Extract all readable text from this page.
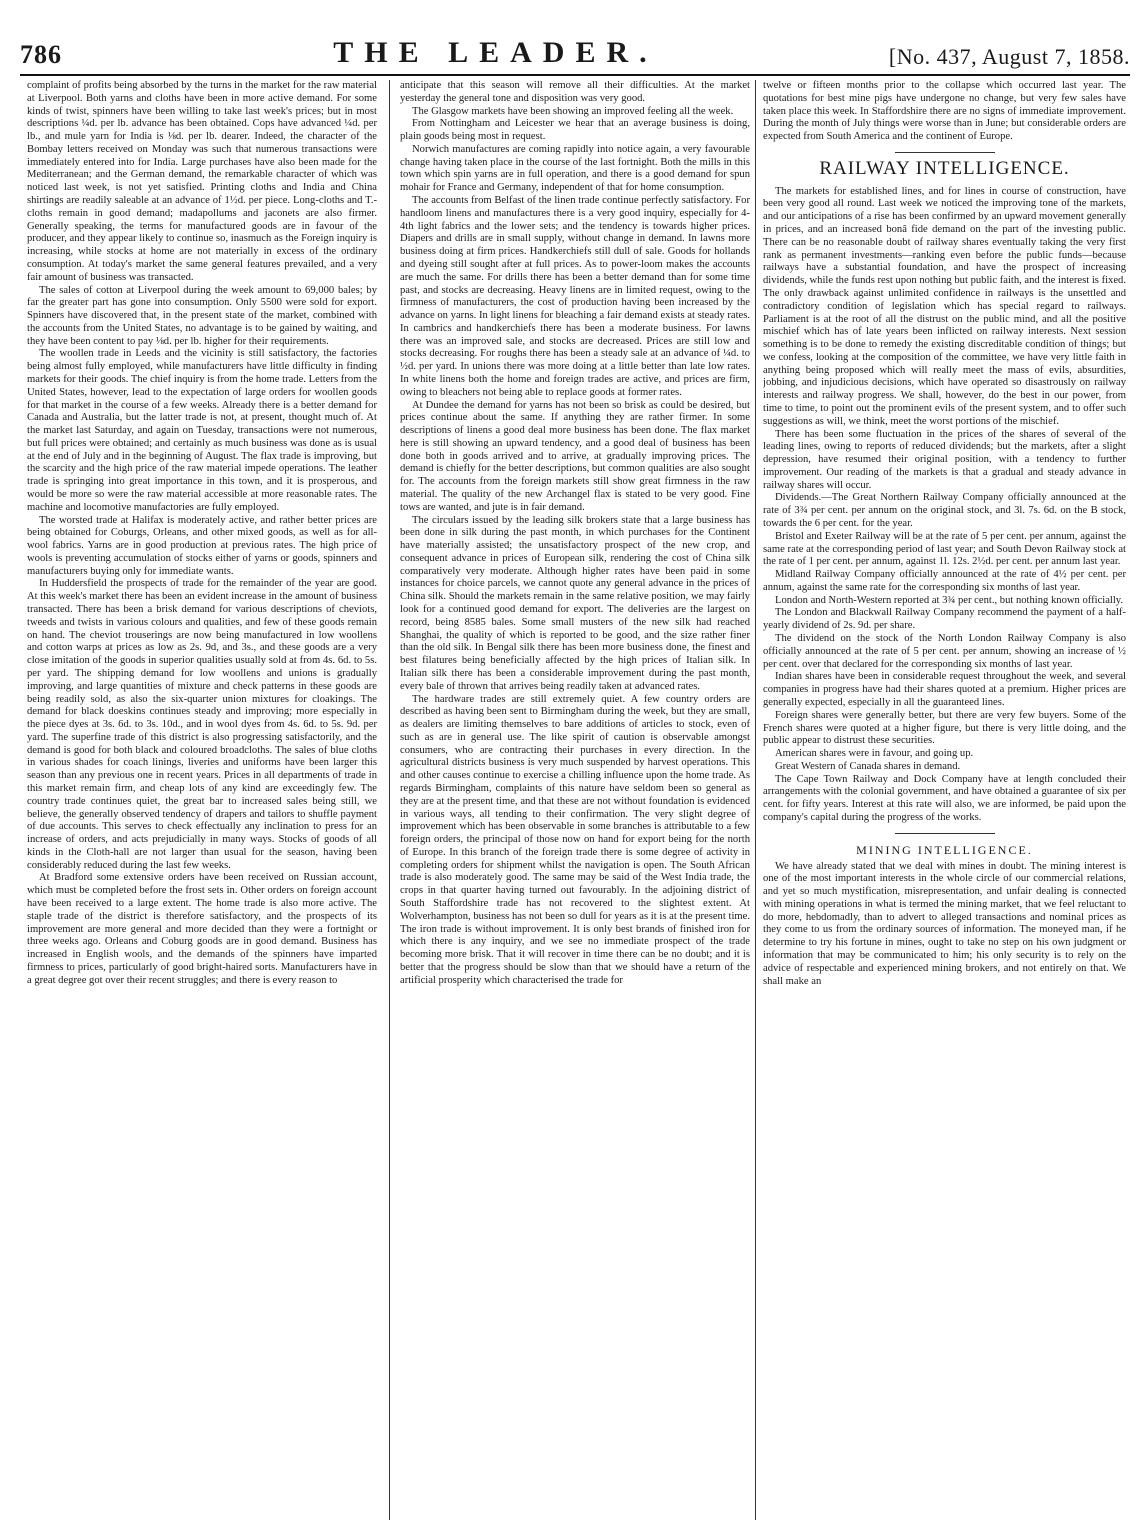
786	THE LEADER.	[No. 437, August 7, 1858.

complaint of profits being absorbed by the turns in the market for the raw material at Liverpool. Both yarns and cloths have been in more active demand. For some kinds of twist, spinners have been willing to take last week's prices; but in most descriptions ¼d. per lb. advance has been obtained. Cops have advanced ¼d. per lb., and mule yarn for India is ⅛d. per lb. dearer. Indeed, the character of the Bombay letters received on Monday was such that numerous transactions were immediately entered into for India. Large purchases have also been made for the Mediterranean; and the German demand, the remarkable character of which was noticed last week, is not yet satisfied. Printing cloths and India and China shirtings are readily saleable at an advance of 1½d. per piece. Long-cloths and T.-cloths remain in good demand; madapollums and jaconets are also firmer. Generally speaking, the terms for manufactured goods are in favour of the producer, and they appear likely to continue so, inasmuch as the Foreign inquiry is increasing, while stocks at home are not materially in excess of the ordinary consumption. At today's market the same general features prevailed, and a very fair amount of business was transacted.

The sales of cotton at Liverpool during the week amount to 69,000 bales; by far the greater part has gone into consumption. Only 5500 were sold for export. Spinners have discovered that, in the present state of the market, combined with the accounts from the United States, no advantage is to be gained by waiting, and they have been content to pay ⅛d. per lb. higher for their requirements.

The woollen trade in Leeds and the vicinity is still satisfactory, the factories being almost fully employed, while manufacturers have little difficulty in finding markets for their goods. The chief inquiry is from the home trade. Letters from the United States, however, lead to the expectation of large orders for woollen goods for that market in the course of a few weeks. Already there is a better demand for Canada and Australia, but the latter trade is not, at present, thought much of. At the market last Saturday, and again on Tuesday, transactions were not numerous, but full prices were obtained; and certainly as much business was done as is usual at the end of July and in the beginning of August. The flax trade is improving, but the scarcity and the high price of the raw material impede operations. The leather trade is springing into great importance in this town, and it is prosperous, and would be more so were the raw material accessible at more reasonable rates. The machine and locomotive manufactories are fully employed.

The worsted trade at Halifax is moderately active, and rather better prices are being obtained for Coburgs, Orleans, and other mixed goods, as well as for all-wool fabrics. Yarns are in good production at previous rates. The high price of wools is preventing accumulation of stocks either of yarns or goods, spinners and manufacturers buying only for immediate wants.

In Huddersfield the prospects of trade for the remainder of the year are good. At this week's market there has been an evident increase in the amount of business transacted. There has been a brisk demand for various descriptions of cheviots, tweeds and twists in various colours and qualities, and few of these goods remain on hand. The cheviot trouserings are now being manufactured in low woollens and cotton warps at prices as low as 2s. 9d, and 3s., and these goods are a very close imitation of the goods in superior qualities usually sold at from 4s. 6d. to 5s. per yard. The shipping demand for low woollens and unions is gradually improving, and large quantities of mixture and check patterns in these goods are being readily sold, as also the six-quarter union mixtures for cloakings. The demand for black doeskins continues steady and improving; more especially in the piece dyes at 3s. 6d. to 3s. 10d., and in wool dyes from 4s. 6d. to 5s. 9d. per yard. The superfine trade of this district is also progressing satisfactorily, and the demand is good for both black and coloured broadcloths. The sales of blue cloths in various shades for coach linings, liveries and uniforms have been larger this season than any previous one in recent years. Prices in all departments of trade in this market remain firm, and cheap lots of any kind are exceedingly few. The country trade continues quiet, the great bar to increased sales being still, we believe, the generally observed tendency of drapers and tailors to shuffle payment of due accounts. This serves to check effectually any inclination to press for an increase of orders, and acts prejudicially in many ways. Stocks of goods of all kinds in the Cloth-hall are not larger than usual for the season, having been considerably reduced during the last few weeks.

At Bradford some extensive orders have been received on Russian account, which must be completed before the frost sets in. Other orders on foreign account have been received to a large extent. The home trade is also more active. The staple trade of the district is therefore satisfactory, and the prospects of its improvement are more general and more decided than they were a fortnight or three weeks ago. Orleans and Coburg goods are in good demand. Business has increased in English wools, and the demands of the spinners have imparted firmness to prices, particularly of good bright-haired sorts. Manufacturers have in a great degree got over their recent struggles; and there is every reason to

anticipate that this season will remove all their difficulties. At the market yesterday the general tone and disposition was very good.

The Glasgow markets have been showing an improved feeling all the week.

From Nottingham and Leicester we hear that an average business is doing, plain goods being most in request.

Norwich manufactures are coming rapidly into notice again, a very favourable change having taken place in the course of the last fortnight. Both the mills in this town which spin yarns are in full operation, and there is a good demand for spun mohair for France and Germany, independent of that for home consumption.

The accounts from Belfast of the linen trade continue perfectly satisfactory. For handloom linens and manufactures there is a very good inquiry, especially for 4-4th light fabrics and the lower sets; and the tendency is towards higher prices. Diapers and drills are in small supply, without change in demand. In lawns more business doing at firm prices. Handkerchiefs still dull of sale. Goods for hollands and dyeing still sought after at full prices. As to power-loom makes the accounts are much the same. For drills there has been a better demand than for some time past, and stocks are decreasing. Heavy linens are in limited request, owing to the firmness of manufacturers, the cost of production having been increased by the advance on yarns. In light linens for bleaching a fair demand exists at steady rates. In cambrics and handkerchiefs there has been a moderate business. For lawns there was an improved sale, and stocks are decreased. Prices are still low and stocks decreasing. For roughs there has been a steady sale at an advance of ¼d. to ½d. per yard. In unions there was more doing at a little better than late low rates. In white linens both the home and foreign trades are active, and prices are firm, owing to bleachers not being able to replace goods at former rates.

At Dundee the demand for yarns has not been so brisk as could be desired, but prices continue about the same. If anything they are rather firmer. In some descriptions of linens a good deal more business has been done. The flax market here is still showing an upward tendency, and a good deal of business has been done both in goods arrived and to arrive, at gradually improving prices. The demand is chiefly for the better descriptions, but common qualities are also sought for. The accounts from the foreign markets still show great firmness in the raw material. The quality of the new Archangel flax is stated to be very good. Fine tows are wanted, and jute is in fair demand.

The circulars issued by the leading silk brokers state that a large business has been done in silk during the past month, in which purchases for the Continent have materially assisted; the unsatisfactory prospect of the new crop, and consequent advance in prices of European silk, rendering the cost of China silk comparatively very moderate. Although higher rates have been paid in some instances for choice parcels, we cannot quote any general advance in the prices of China silk. Should the markets remain in the same relative position, we may fairly look for a continued good demand for export. The deliveries are the largest on record, being 8585 bales. Some small musters of the new silk had reached Shanghai, the quality of which is reported to be good, and the size rather finer than the old silk. In Bengal silk there has been more business done, the finest and best filatures being beneficially affected by the high prices of Italian silk. In Italian silk there has been a considerable improvement during the past month, every bale of thrown that arrives being readily taken at advanced rates.

The hardware trades are still extremely quiet. A few country orders are described as having been sent to Birmingham during the week, but they are small, as dealers are limiting themselves to bare additions of articles to stock, even of such as are in general use. The like spirit of caution is observable amongst consumers, who are contracting their purchases in every direction. In the agricultural districts business is very much suspended by harvest operations. This and other causes continue to exercise a chilling influence upon the home trade. As regards Birmingham, complaints of this nature have seldom been so general as they are at the present time, and that these are not without foundation is evidenced in various ways, all tending to their confirmation. The very slight degree of improvement which has been observable in some branches is attributable to a few foreign orders, the principal of those now on hand for export being for the north of Europe. In this branch of the foreign trade there is some degree of activity in completing orders for shipment whilst the navigation is open. The South African trade is also moderately good. The same may be said of the West India trade, the crops in that quarter having turned out favourably. In the adjoining district of South Staffordshire trade has not recovered to the slightest extent. At Wolverhampton, business has not been so dull for years as it is at the present time. The iron trade is without improvement. It is only best brands of finished iron for which there is any inquiry, and we see no immediate prospect of the trade becoming more brisk. That it will recover in time there can be no doubt; and it is better that the progress should be slow than that we should have a return of the artificial prosperity which characterised the trade for

twelve or fifteen months prior to the collapse which occurred last year. The quotations for best mine pigs have undergone no change, but very few sales have taken place this week. In Staffordshire there are no signs of immediate improvement. During the month of July things were worse than in June; but considerable orders are expected from South America and the continent of Europe.

RAILWAY INTELLIGENCE.

The markets for established lines, and for lines in course of construction, have been very good all round. Last week we noticed the improving tone of the markets, and our anticipations of a rise has been confirmed by an upward movement generally in prices, and an increased bonâ fide demand on the part of the investing public. There can be no reasonable doubt of railway shares eventually taking the very first rank as permanent investments—ranking even before the public funds—because railways have a substantial foundation, and have the prospect of increasing dividends, while the funds rest upon nothing but public faith, and the interest is fixed. The only drawback against unlimited confidence in railways is the unsettled and contradictory condition of legislation which has special regard to railways. Parliament is at the root of all the distrust on the public mind, and all the positive mischief which has of late years been inflicted on railway interests. Next session something is to be done to remedy the existing discreditable condition of things; but we confess, looking at the composition of the committee, we have very little faith in anything being proposed which will really meet the mass of evils, absurdities, jobbing, and injudicious decisions, which have operated so disastrously on railway interests and railway progress. We shall, however, do the best in our power, from time to time, to point out the prominent evils of the present system, and to offer such suggestions as will, we think, meet the worst portions of the mischief.

There has been some fluctuation in the prices of the shares of several of the leading lines, owing to reports of reduced dividends; but the markets, after a slight depression, have resumed their original position, with a tendency to further improvement. Our reading of the markets is that a gradual and steady advance in railway shares will occur.

Dividends.—The Great Northern Railway Company officially announced at the rate of 3¾ per cent. per annum on the original stock, and 3l. 7s. 6d. on the B stock, towards the 6 per cent. for the year.

Bristol and Exeter Railway will be at the rate of 5 per cent. per annum, against the same rate at the corresponding period of last year; and South Devon Railway stock at the rate of 1 per cent. per annum, against 1l. 12s. 2½d. per cent. per annum last year.

Midland Railway Company officially announced at the rate of 4½ per cent. per annum, against the same rate for the corresponding six months of last year.

London and North-Western reported at 3¾ per cent., but nothing known officially.

The London and Blackwall Railway Company recommend the payment of a half-yearly dividend of 2s. 9d. per share.

The dividend on the stock of the North London Railway Company is also officially announced at the rate of 5 per cent. per annum, showing an increase of ½ per cent. over that declared for the corresponding six months of last year.

Indian shares have been in considerable request throughout the week, and several companies in progress have had their shares quoted at a premium. Higher prices are generally expected, especially in all the guaranteed lines.

Foreign shares were generally better, but there are very few buyers. Some of the French shares were quoted at a higher figure, but there is very little doing, and the public appear to distrust these securities.

American shares were in favour, and going up.

Great Western of Canada shares in demand.

The Cape Town Railway and Dock Company have at length concluded their arrangements with the colonial government, and have obtained a guarantee of six per cent. for fifty years. Interest at this rate will also, we are informed, be paid upon the company's capital during the progress of the works.

MINING INTELLIGENCE.

We have already stated that we deal with mines in doubt. The mining interest is one of the most important interests in the whole circle of our commercial relations, and yet so much mystification, misrepresentation, and unfair dealing is connected with mining operations in what is termed the mining market, that we feel reluctant to do more, hebdomadly, than to advert to alleged transactions and nominal prices as they come to us from the ordinary sources of information. The moneyed man, if he determine to try his fortune in mines, ought to take no step on his own judgment or information that may be communicated to him; his only security is to rely on the advice of respectable and experienced mining brokers, and not entirely on that. We shall make an
